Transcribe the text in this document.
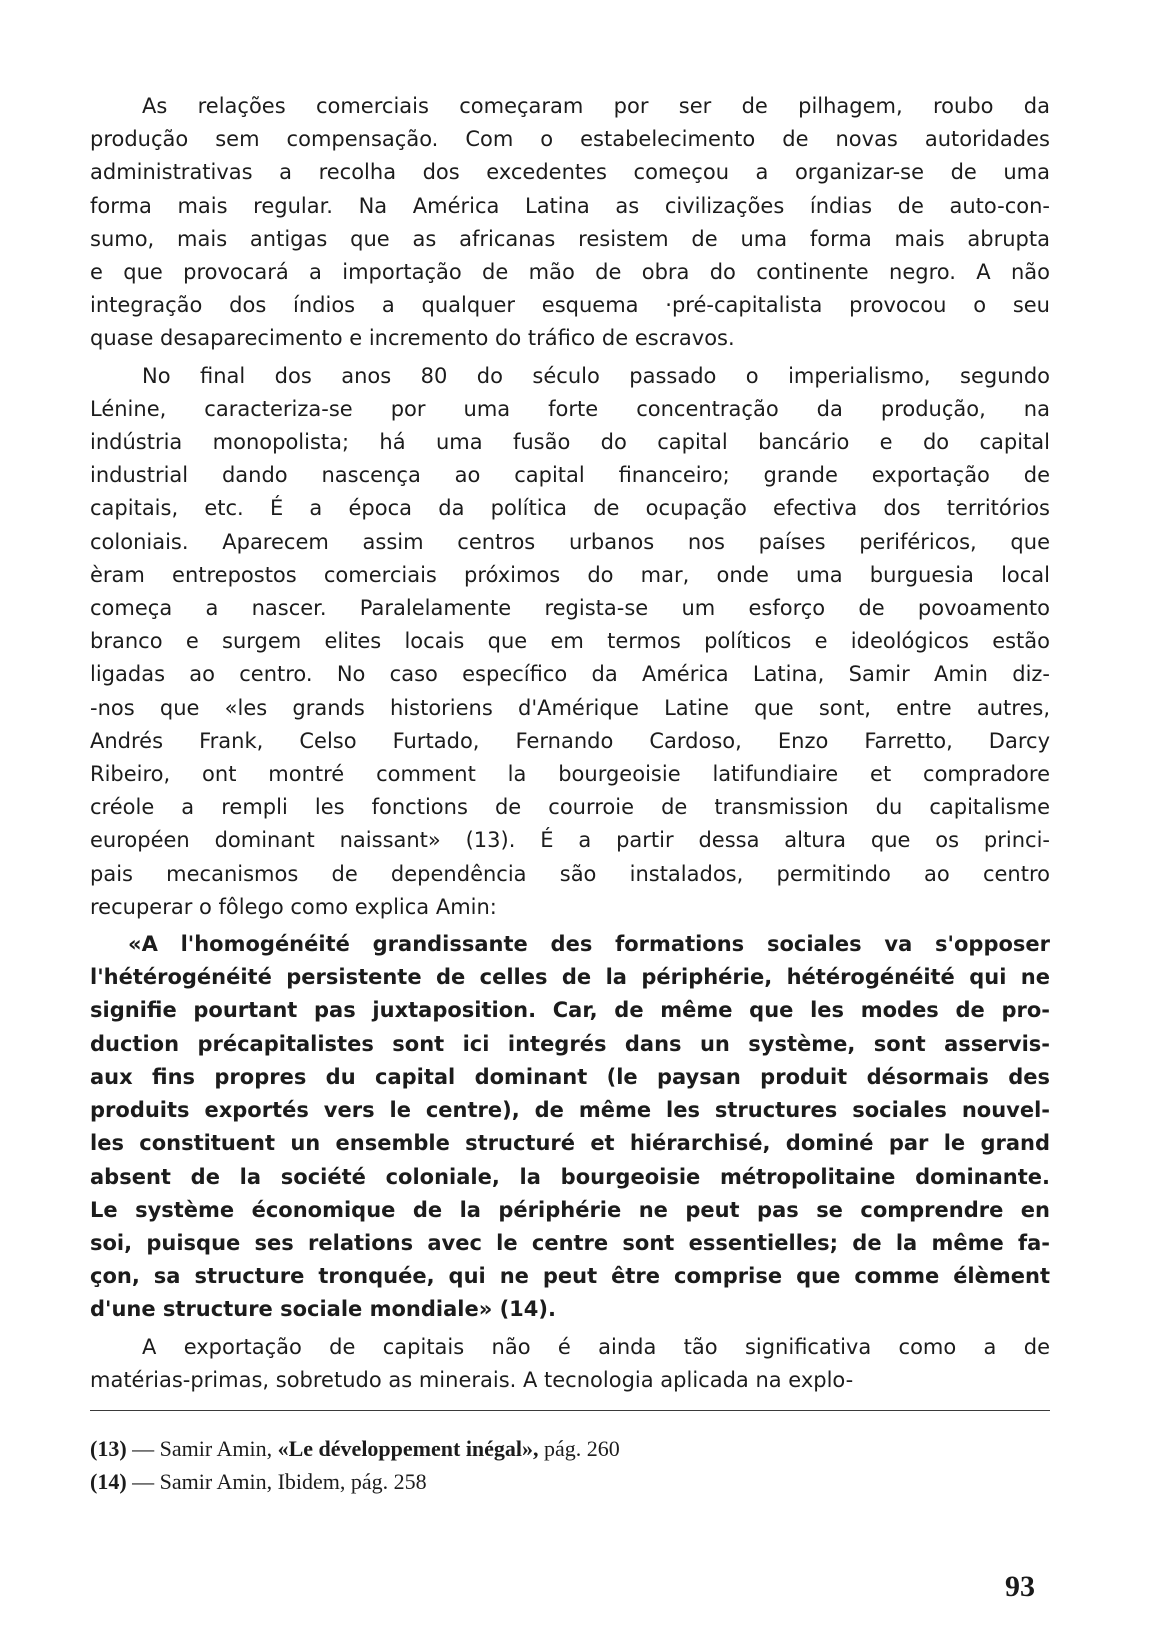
As relações comerciais começaram por ser de pilhagem, roubo da
produção sem compensação. Com o estabelecimento de novas autoridades
administrativas a recolha dos excedentes começou a organizar-se de uma
forma mais regular. Na América Latina as civilizações índias de auto-con-
sumo, mais antigas que as africanas resistem de uma forma mais abrupta
e que provocará a importação de mão de obra do continente negro. A não
integração dos índios a qualquer esquema ·pré-capitalista provocou o seu
quase desaparecimento e incremento do tráfico de escravos.
No final dos anos 80 do século passado o imperialismo, segundo
Lénine, caracteriza-se por uma forte concentração da produção, na
indústria monopolista; há uma fusão do capital bancário e do capital
industrial dando nascença ao capital financeiro; grande exportação de
capitais, etc. É a época da política de ocupação efectiva dos territórios
coloniais. Aparecem assim centros urbanos nos países periféricos, que
èram entrepostos comerciais próximos do mar, onde uma burguesia local
começa a nascer. Paralelamente regista-se um esforço de povoamento
branco e surgem elites locais que em termos políticos e ideológicos estão
ligadas ao centro. No caso específico da América Latina, Samir Amin diz-
-nos que «les grands historiens d'Amérique Latine que sont, entre autres,
Andrés Frank, Celso Furtado, Fernando Cardoso, Enzo Farretto, Darcy
Ribeiro, ont montré comment la bourgeoisie latifundiaire et compradore
créole a rempli les fonctions de courroie de transmission du capitalisme
européen dominant naissant» (13). É a partir dessa altura que os princi-
pais mecanismos de dependência são instalados, permitindo ao centro
recuperar o fôlego como explica Amin:
«A l'homogénéité grandissante des formations sociales va s'opposer
l'hétérogénéité persistente de celles de la périphérie, hétérogénéité qui ne
signifie pourtant pas juxtaposition. Car, de même que les modes de pro-
duction précapitalistes sont ici integrés dans un système, sont asservis-
aux fins propres du capital dominant (le paysan produit désormais des
produits exportés vers le centre), de même les structures sociales nouvel-
les constituent un ensemble structuré et hiérarchisé, dominé par le grand
absent de la société coloniale, la bourgeoisie métropolitaine dominante.
Le système économique de la périphérie ne peut pas se comprendre en
soi, puisque ses relations avec le centre sont essentielles; de la même fa-
çon, sa structure tronquée, qui ne peut être comprise que comme élèment
d'une structure sociale mondiale» (14).
A exportação de capitais não é ainda tão significativa como a de
matérias-primas, sobretudo as minerais. A tecnologia aplicada na explo-
(13) — Samir Amin, «Le développement inégal», pág. 260
(14) — Samir Amin, Ibidem, pág. 258
93
